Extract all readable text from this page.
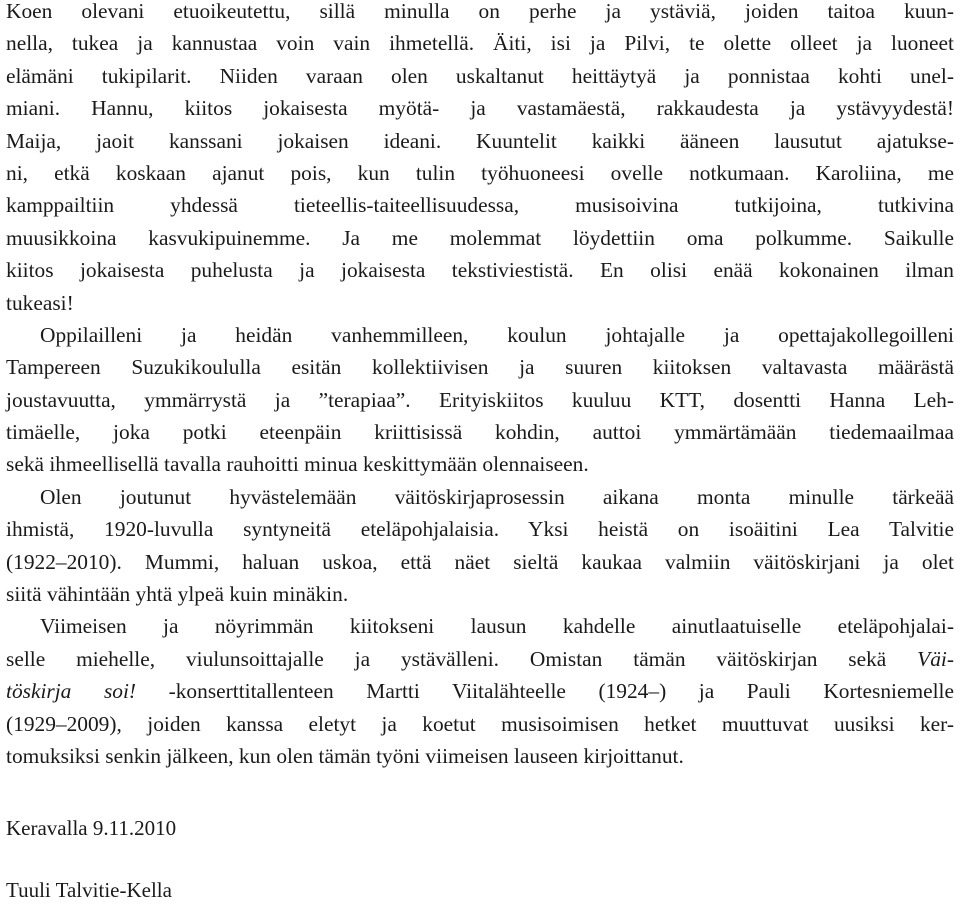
Koen olevani etuoikeutettu, sillä minulla on perhe ja ystäviä, joiden taitoa kuun-
nella, tukea ja kannustaa voin vain ihmetellä. Äiti, isi ja Pilvi, te olette olleet ja luoneet
elämäni tukipilarit. Niiden varaan olen uskaltanut heittäytyä ja ponnistaa kohti unel-
miani. Hannu, kiitos jokaisesta myötä- ja vastamäestä, rakkaudesta ja ystävyydestä!
Maija, jaoit kanssani jokaisen ideani. Kuuntelit kaikki ääneen lausutut ajatukse-
ni, etkä koskaan ajanut pois, kun tulin työhuoneesi ovelle notkumaan. Karoliina, me
kamppailtiin yhdessä tieteellis-taiteellisuudessa, musisoivina tutkijoina, tutkivina
muusikkoina kasvukipuinemme. Ja me molemmat löydettiin oma polkumme. Saikulle
kiitos jokaisesta puhelusta ja jokaisesta tekstiviestistä. En olisi enää kokonainen ilman
tukeasi!
Oppilailleni ja heidän vanhemmilleen, koulun johtajalle ja opettajakollegoilleni
Tampereen Suzukikoululla esitän kollektiivisen ja suuren kiitoksen valtavasta määrästä
joustavuutta, ymmärrystä ja ”terapiaa”. Erityiskiitos kuuluu KTT, dosentti Hanna Leh-
timäelle, joka potki eteenpäin kriittisissä kohdin, auttoi ymmärtämään tiedemaailmaa
sekä ihmeellisellä tavalla rauhoitti minua keskittymään olennaiseen.
Olen joutunut hyvästelemään väitöskirjaprosessin aikana monta minulle tärkeää
ihmistä, 1920-luvulla syntyneitä eteläpohjalaisia. Yksi heistä on isoäitini Lea Talvitie
(1922–2010). Mummi, haluan uskoa, että näet sieltä kaukaa valmiin väitöskirjani ja olet
siitä vähintään yhtä ylpeä kuin minäkin.
Viimeisen ja nöyrimmän kiitokseni lausun kahdelle ainutlaatuiselle eteläpohjalai-
selle miehelle, viulunsoittajalle ja ystävälleni. Omistan tämän väitöskirjan sekä Väi-
töskirja soi! -konserttitallenteen Martti Viitalähteelle (1924–) ja Pauli Kortesniemelle
(1929–2009), joiden kanssa eletyt ja koetut musisoimisen hetket muuttuvat uusiksi ker-
tomuksiksi senkin jälkeen, kun olen tämän työni viimeisen lauseen kirjoittanut.
Keravalla 9.11.2010
Tuuli Talvitie-Kella
